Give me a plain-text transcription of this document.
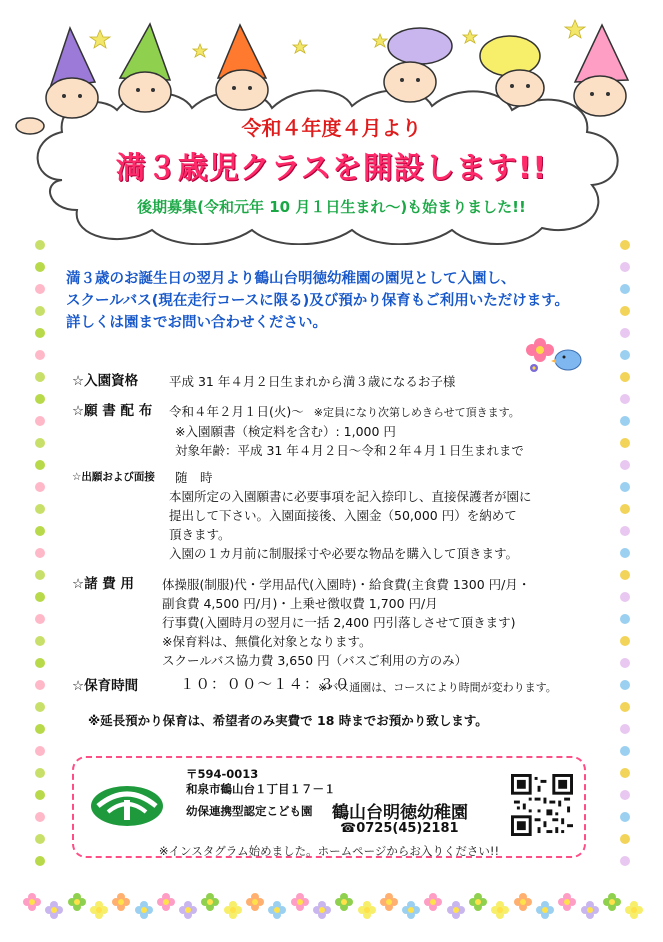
令和４年度４月より
満３歳児クラスを開設します!!
後期募集(令和元年 10 月１日生まれ～)も始まりました!!
満３歳のお誕生日の翌月より鶴山台明徳幼稚園の園児として入園し、
スクールバス(現在走行コースに限る)及び預かり保育もご利用いただけます。
詳しくは園までお問い合わせください。
☆入園資格 平成 31 年４月２日生まれから満３歳になるお子様
☆願 書 配 布 令和４年２月１日(火)～ ※定員になり次第しめきらせて頂きます。
※入園願書（検定料を含む）: 1,000 円
対象年齢：平成 31 年４月２日～令和２年４月１日生まれまで
☆出願および面接 随　時
本園所定の入園願書に必要事項を記入捺印し、直接保護者が園に
提出して下さい。入園面接後、入園金（50,000 円）を納めて
頂きます。
入園の１カ月前に制服採寸や必要な物品を購入して頂きます。
☆諸 費 用 体操服(制服)代・学用品代(入園時)・給食費(主食費 1300 円/月・
副食費 4,500 円/月)・上乗せ徴収費 1,700 円/月
行事費(入園時月の翌月に一括 2,400 円引落しさせて頂きます)
※保育料は、無償化対象となります。
スクールバス協力費 3,650 円（バスご利用の方のみ）
☆保育時間	１０：００～１４：３０
※バス通園は、コースにより時間が変わります。
※延長預かり保育は、希望者のみ実費で 18 時までお預かり致します。
〒594-0013
和泉市鶴山台１丁目１７－１
幼保連携型認定こども園 鶴山台明徳幼稚園
☎0725(45)2181
※インスタグラム始めました。ホームページからお入りください!!
